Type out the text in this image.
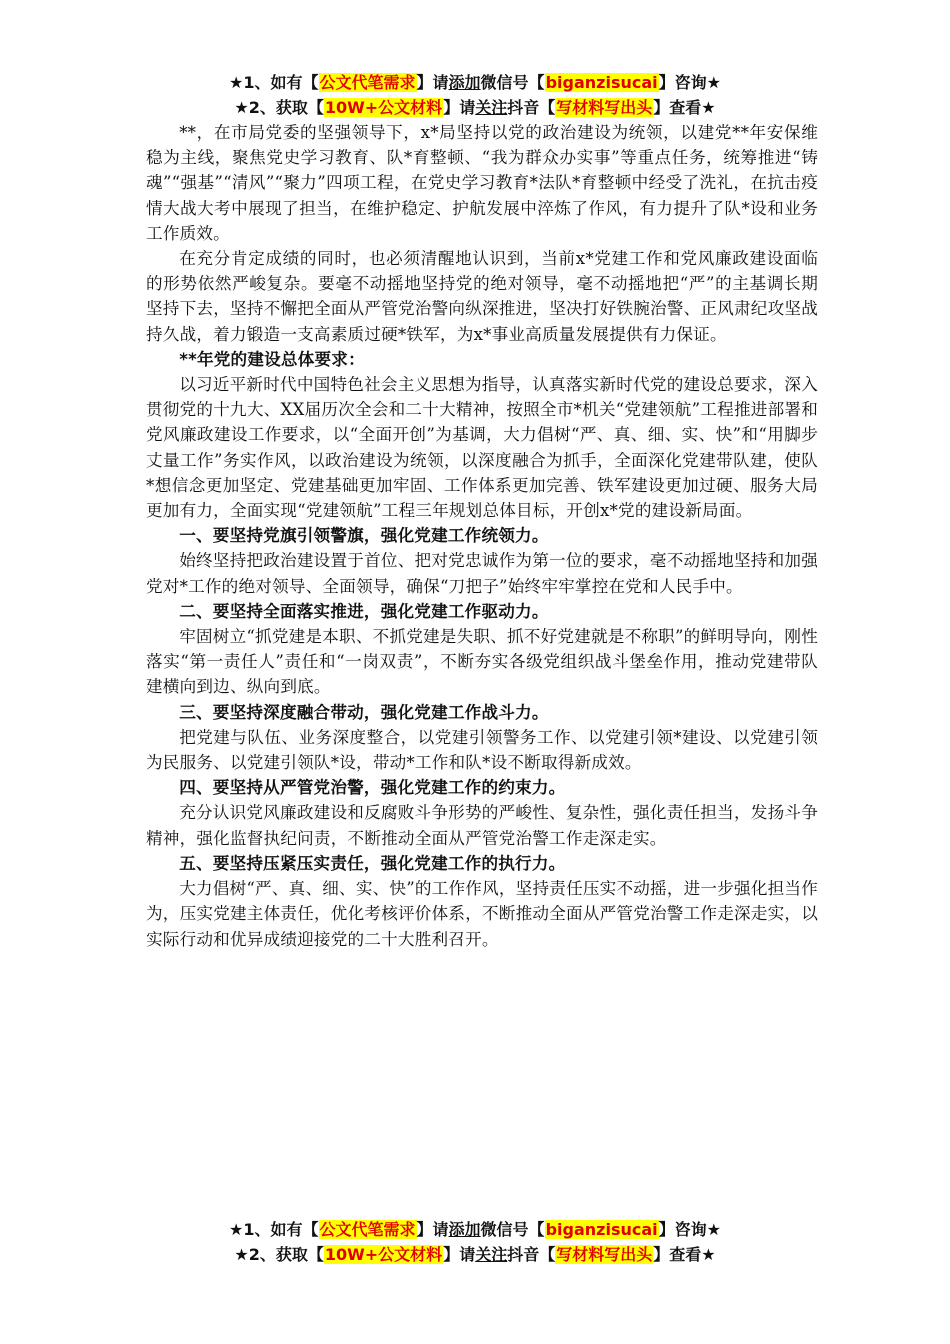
★1、如有【公文代笔需求】请添加微信号【biganzisucai】咨询★
★2、获取【10W+公文材料】请关注抖音【写材料写出头】查看★

**，在市局党委的坚强领导下，x*局坚持以党的政治建设为统领，以建党**年安保维稳为主线，聚焦党史学习教育、队*育整顿、“我为群众办实事”等重点任务，统筹推进“铸魂”“强基”“清风”“聚力”四项工程，在党史学习教育*法队*育整顿中经受了洗礼，在抗击疫情大战大考中展现了担当，在维护稳定、护航发展中淬炼了作风，有力提升了队*设和业务工作质效。

在充分肯定成绩的同时，也必须清醒地认识到，当前x*党建工作和党风廉政建设面临的形势依然严峻复杂。要毫不动摇地坚持党的绝对领导，毫不动摇地把“严”的主基调长期坚持下去，坚持不懈把全面从严管党治警向纵深推进，坚决打好铁腕治警、正风肃纪攻坚战持久战，着力锻造一支高素质过硬*铁军，为x*事业高质量发展提供有力保证。

**年党的建设总体要求：

以习近平新时代中国特色社会主义思想为指导，认真落实新时代党的建设总要求，深入贯彻党的十九大、XX届历次全会和二十大精神，按照全市*机关“党建领航”工程推进部署和党风廉政建设工作要求，以“全面开创”为基调，大力倡树“严、真、细、实、快”和“用脚步丈量工作”务实作风，以政治建设为统领，以深度融合为抓手，全面深化党建带队建，使队*想信念更加坚定、党建基础更加牢固、工作体系更加完善、铁军建设更加过硬、服务大局更加有力，全面实现“党建领航”工程三年规划总体目标，开创x*党的建设新局面。

一、要坚持党旗引领警旗，强化党建工作统领力。

始终坚持把政治建设置于首位、把对党忠诚作为第一位的要求，毫不动摇地坚持和加强党对*工作的绝对领导、全面领导，确保“刀把子”始终牢牢掌控在党和人民手中。

二、要坚持全面落实推进，强化党建工作驱动力。

牢固树立“抓党建是本职、不抓党建是失职、抓不好党建就是不称职”的鲜明导向，刚性落实“第一责任人”责任和“一岗双责”，不断夯实各级党组织战斗堡垒作用，推动党建带队建横向到边、纵向到底。

三、要坚持深度融合带动，强化党建工作战斗力。

把党建与队伍、业务深度整合，以党建引领警务工作、以党建引领*建设、以党建引领为民服务、以党建引领队*设，带动*工作和队*设不断取得新成效。

四、要坚持从严管党治警，强化党建工作的约束力。

充分认识党风廉政建设和反腐败斗争形势的严峻性、复杂性，强化责任担当，发扬斗争精神，强化监督执纪问责，不断推动全面从严管党治警工作走深走实。

五、要坚持压紧压实责任，强化党建工作的执行力。

大力倡树“严、真、细、实、快”的工作作风，坚持责任压实不动摇，进一步强化担当作为，压实党建主体责任，优化考核评价体系，不断推动全面从严管党治警工作走深走实，以实际行动和优异成绩迎接党的二十大胜利召开。

★1、如有【公文代笔需求】请添加微信号【biganzisucai】咨询★
★2、获取【10W+公文材料】请关注抖音【写材料写出头】查看★
